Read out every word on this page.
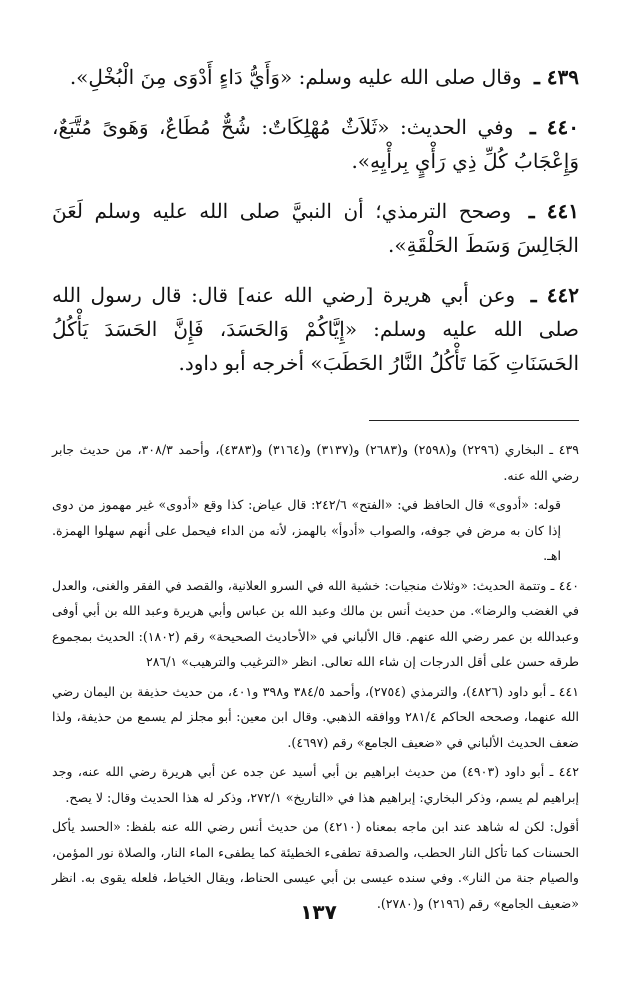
٤٣٩ ـ وقال صلى الله عليه وسلم: «وَأَيُّ دَاءٍ أَدْوَى مِنَ الْبُخْلِ».

٤٤٠ ـ وفي الحديث: «ثَلاَثٌ مُهْلِكَاتٌ: شُحٌّ مُطَاعٌ، وَهَوىً مُتَّبَعٌ، وَإِعْجَابُ كُلِّ ذِي رَأْيٍ بِرأْيِهِ».

٤٤١ ـ وصحح الترمذي؛ أن النبيَّ صلى الله عليه وسلم لَعَنَ الجَالِسَ وَسَطَ الحَلْقَةِ».

٤٤٢ ـ وعن أبي هريرة [رضي الله عنه] قال: قال رسول الله صلى الله عليه وسلم: «إِيَّاكُمْ وَالحَسَدَ، فَإِنَّ الحَسَدَ يَأْكُلُ الحَسَنَاتِ كَمَا تَأْكُلُ النَّارُ الحَطَبَ» أخرجه أبو داود.

٤٣٩ ـ البخاري (٢٢٩٦) و(٢٥٩٨) و(٢٦٨٣) و(٣١٣٧) و(٣١٦٤) و(٤٣٨٣)، وأحمد ٣٠٨/٣، من حديث جابر رضي الله عنه.

قوله: «أدوى» قال الحافظ في: «الفتح» ٢٤٢/٦: قال عياض: كذا وقع «أدوى» غير مهموز من دوى إذا كان به مرض في جوفه، والصواب «أدوأ» بالهمز، لأنه من الداء فيحمل على أنهم سهلوا الهمزة. اهـ.

٤٤٠ ـ وتتمة الحديث: «وثلاث منجيات: خشية الله في السرو العلانية، والقصد في الفقر والغنى، والعدل في الغضب والرضا». من حديث أنس بن مالك وعبد الله بن عباس وأبي هريرة وعبد الله بن أبي أوفى وعبدالله بن عمر رضي الله عنهم. قال الألباني في «الأحاديث الصحيحة» رقم (١٨٠٢): الحديث بمجموع طرقه حسن على أقل الدرجات إن شاء الله تعالى. انظر «الترغيب والترهيب» ٢٨٦/١

٤٤١ ـ أبو داود (٤٨٢٦)، والترمذي (٢٧٥٤)، وأحمد ٣٨٤/٥ و٣٩٨ و٤٠١، من حديث حذيفة بن اليمان رضي الله عنهما، وصححه الحاكم ٢٨١/٤ ووافقه الذهبي. وقال ابن معين: أبو مجلز لم يسمع من حذيفة، ولذا ضعف الحديث الألباني في «ضعيف الجامع» رقم (٤٦٩٧).

٤٤٢ ـ أبو داود (٤٩٠٣) من حديث ابراهيم بن أبي أسيد عن جده عن أبي هريرة رضي الله عنه، وجد إبراهيم لم يسم، وذكر البخاري: إبراهيم هذا في «التاريخ» ٢٧٢/١، وذكر له هذا الحديث وقال: لا يصح.

أقول: لكن له شاهد عند ابن ماجه بمعناه (٤٢١٠) من حديث أنس رضي الله عنه بلفظ: «الحسد يأكل الحسنات كما تأكل النار الحطب، والصدقة تطفىء الخطيئة كما يطفىء الماء النار، والصلاة نور المؤمن، والصيام جنة من النار». وفي سنده عيسى بن أبي عيسى الحناط، ويقال الخياط، فلعله يقوى به. انظر «ضعيف الجامع» رقم (٢١٩٦) و(٢٧٨٠).

١٣٧
